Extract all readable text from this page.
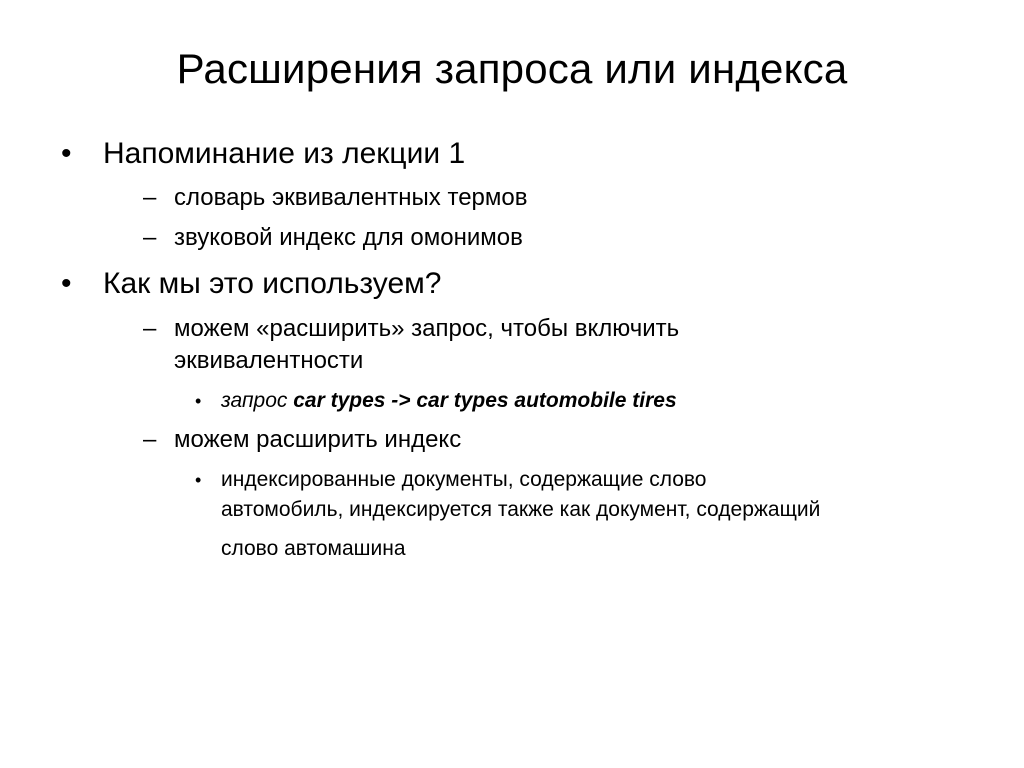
Расширения запроса или индекса
• Напоминание из лекции 1
– словарь эквивалентных термов
– звуковой индекс для омонимов
• Как мы это используем?
– можем «расширить» запрос, чтобы включить
эквивалентности
• запрос car types -> car types automobile tires
– можем расширить индекс
• индексированные документы, содержащие слово
автомобиль, индексируется также как документ, содержащий
слово автомашина
